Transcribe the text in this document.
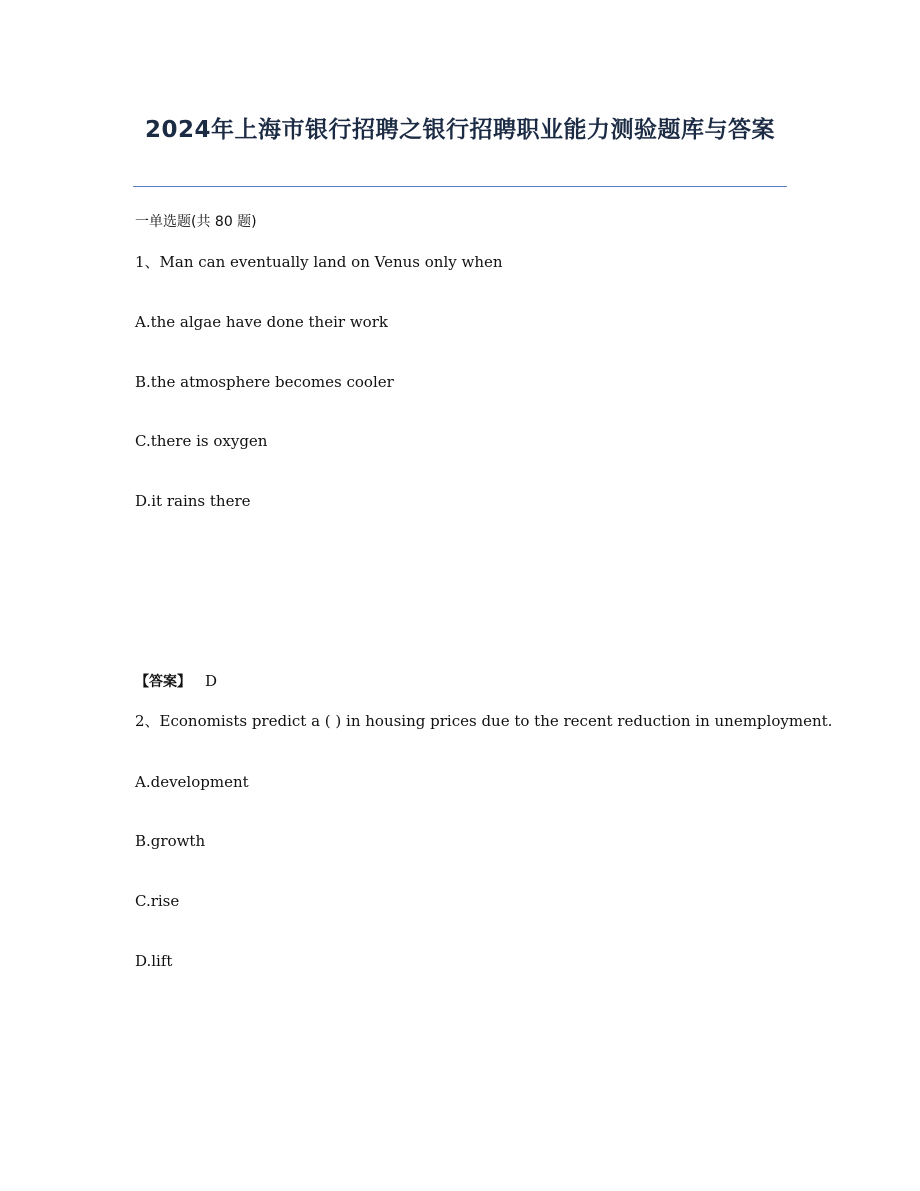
2024年上海市银行招聘之银行招聘职业能力测验题库与答案
一单选题(共 80 题)
1、Man can eventually land on Venus only when
A.the algae have done their work
B.the atmosphere becomes cooler
C.there is oxygen
D.it rains there
【答案】 D
2、Economists predict a ( ) in housing prices due to the recent reduction in unemployment.
A.development
B.growth
C.rise
D.lift
